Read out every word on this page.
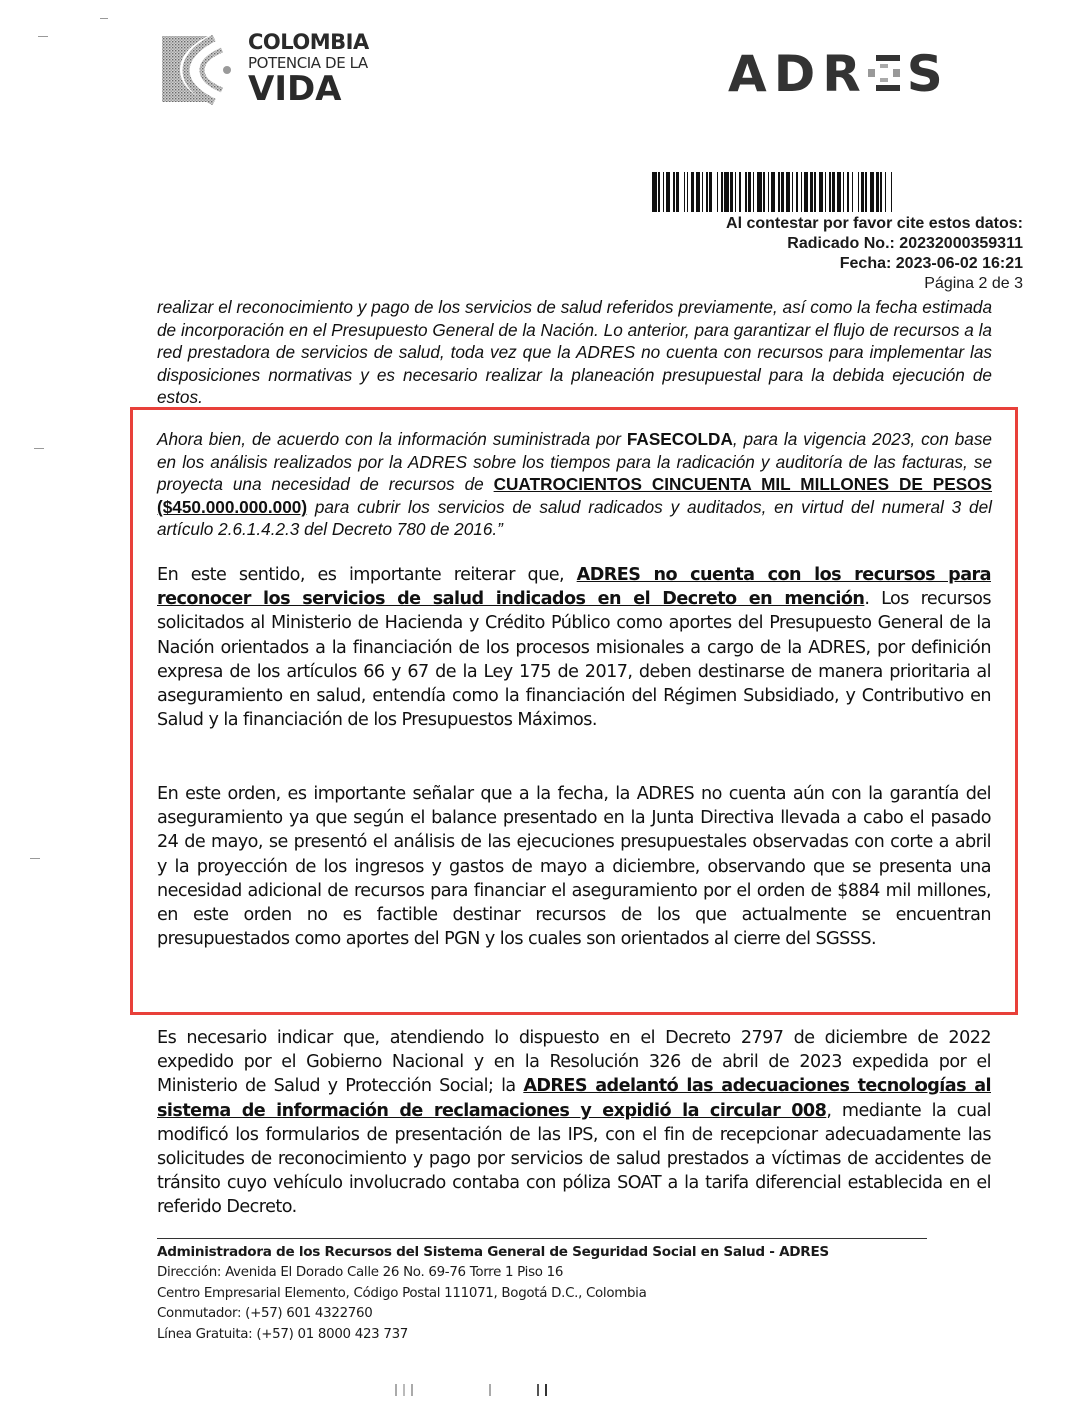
COLOMBIA
POTENCIA DE LA
VIDA	ADR S
Al contestar por favor cite estos datos:
Radicado No.: 20232000359311
Fecha: 2023-06-02 16:21
Página 2 de 3
realizar el reconocimiento y pago de los servicios de salud referidos previamente, así como la fecha estimada de incorporación en el Presupuesto General de la Nación. Lo anterior, para garantizar el flujo de recursos a la red prestadora de servicios de salud, toda vez que la ADRES no cuenta con recursos para implementar las disposiciones normativas y es necesario realizar la planeación presupuestal para la debida ejecución de estos.
Ahora bien, de acuerdo con la información suministrada por FASECOLDA, para la vigencia 2023, con base en los análisis realizados por la ADRES sobre los tiempos para la radicación y auditoría de las facturas, se proyecta una necesidad de recursos de CUATROCIENTOS CINCUENTA MIL MILLONES DE PESOS ($450.000.000.000) para cubrir los servicios de salud radicados y auditados, en virtud del numeral 3 del artículo 2.6.1.4.2.3 del Decreto 780 de 2016.”
En este sentido, es importante reiterar que, ADRES no cuenta con los recursos para reconocer los servicios de salud indicados en el Decreto en mención. Los recursos solicitados al Ministerio de Hacienda y Crédito Público como aportes del Presupuesto General de la Nación orientados a la financiación de los procesos misionales a cargo de la ADRES, por definición expresa de los artículos 66 y 67 de la Ley 175 de 2017, deben destinarse de manera prioritaria al aseguramiento en salud, entendía como la financiación del Régimen Subsidiado, y Contributivo en Salud y la financiación de los Presupuestos Máximos.
En este orden, es importante señalar que a la fecha, la ADRES no cuenta aún con la garantía del aseguramiento ya que según el balance presentado en la Junta Directiva llevada a cabo el pasado 24 de mayo, se presentó el análisis de las ejecuciones presupuestales observadas con corte a abril y la proyección de los ingresos y gastos de mayo a diciembre, observando que se presenta una necesidad adicional de recursos para financiar el aseguramiento por el orden de $884 mil millones, en este orden no es factible destinar recursos de los que actualmente se encuentran presupuestados como aportes del PGN y los cuales son orientados al cierre del SGSSS.
Es necesario indicar que, atendiendo lo dispuesto en el Decreto 2797 de diciembre de 2022 expedido por el Gobierno Nacional y en la Resolución 326 de abril de 2023 expedida por el Ministerio de Salud y Protección Social; la ADRES adelantó las adecuaciones tecnologías al sistema de información de reclamaciones y expidió la circular 008, mediante la cual modificó los formularios de presentación de las IPS, con el fin de recepcionar adecuadamente las solicitudes de reconocimiento y pago por servicios de salud prestados a víctimas de accidentes de tránsito cuyo vehículo involucrado contaba con póliza SOAT a la tarifa diferencial establecida en el referido Decreto.
Administradora de los Recursos del Sistema General de Seguridad Social en Salud - ADRES
Dirección: Avenida El Dorado Calle 26 No. 69-76 Torre 1 Piso 16
Centro Empresarial Elemento, Código Postal 111071, Bogotá D.C., Colombia
Conmutador: (+57) 601 4322760
Línea Gratuita: (+57) 01 8000 423 737
